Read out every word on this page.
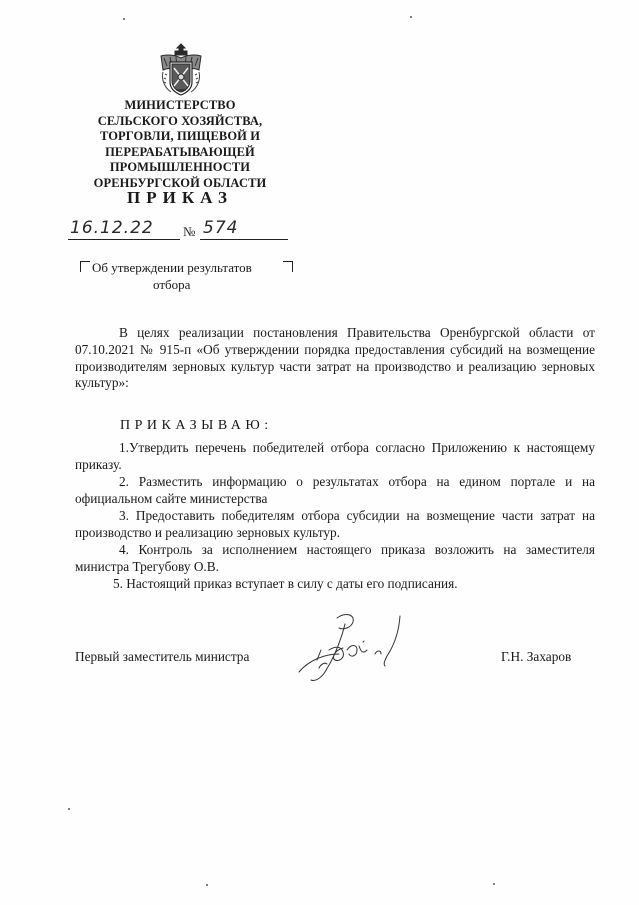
МИНИСТЕРСТВО
СЕЛЬСКОГО ХОЗЯЙСТВА,
ТОРГОВЛИ, ПИЩЕВОЙ И
ПЕРЕРАБАТЫВАЮЩЕЙ
ПРОМЫШЛЕННОСТИ
ОРЕНБУРГСКОЙ ОБЛАСТИ
ПРИКАЗ
16.12.22 № 574
Об утверждении результатов
отбора
В целях реализации постановления Правительства Оренбургской области от 07.10.2021 № 915-п «Об утверждении порядка предоставления субсидий на возмещение производителям зерновых культур части затрат на производство и реализацию зерновых культур»:
ПРИКАЗЫВАЮ:

1.Утвердить перечень победителей отбора согласно Приложению к настоящему приказу.

2. Разместить информацию о результатах отбора на едином портале и на официальном сайте министерства

3. Предоставить победителям отбора субсидии на возмещение части затрат на производство и реализацию зерновых культур.

4. Контроль за исполнением настоящего приказа возложить на заместителя министра Трегубову О.В.

5. Настоящий приказ вступает в силу с даты его подписания.

Первый заместитель министра	Г.Н. Захаров
